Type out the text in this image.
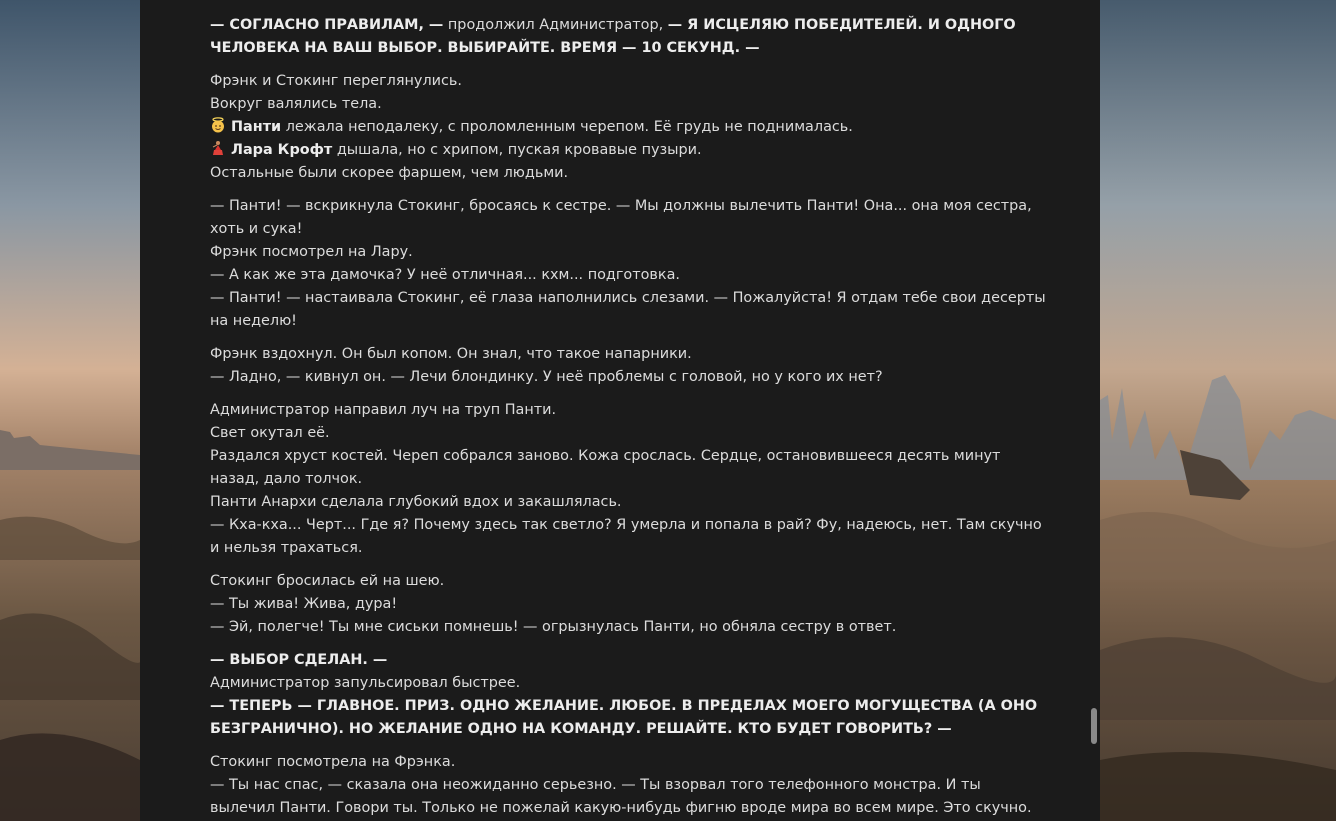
— СОГЛАСНО ПРАВИЛАМ, — продолжил Администратор, — Я ИСЦЕЛЯЮ ПОБЕДИТЕЛЕЙ. И ОДНОГО ЧЕЛОВЕКА НА ВАШ ВЫБОР. ВЫБИРАЙТЕ. ВРЕМЯ — 10 СЕКУНД. —

Фрэнк и Стокинг переглянулись.
Вокруг валялись тела.
Панти лежала неподалеку, с проломленным черепом. Её грудь не поднималась.
Лара Крофт дышала, но с хрипом, пуская кровавые пузыри.
Остальные были скорее фаршем, чем людьми.

— Панти! — вскрикнула Стокинг, бросаясь к сестре. — Мы должны вылечить Панти! Она... она моя сестра, хоть и сука!
Фрэнк посмотрел на Лару.
— А как же эта дамочка? У неё отличная... кхм... подготовка.
— Панти! — настаивала Стокинг, её глаза наполнились слезами. — Пожалуйста! Я отдам тебе свои десерты на неделю!

Фрэнк вздохнул. Он был копом. Он знал, что такое напарники.
— Ладно, — кивнул он. — Лечи блондинку. У неё проблемы с головой, но у кого их нет?

Администратор направил луч на труп Панти.
Свет окутал её.
Раздался хруст костей. Череп собрался заново. Кожа срослась. Сердце, остановившееся десять минут назад, дало толчок.
Панти Анархи сделала глубокий вдох и закашлялась.
— Кха-кха... Черт... Где я? Почему здесь так светло? Я умерла и попала в рай? Фу, надеюсь, нет. Там скучно и нельзя трахаться.

Стокинг бросилась ей на шею.
— Ты жива! Жива, дура!
— Эй, полегче! Ты мне сиськи помнешь! — огрызнулась Панти, но обняла сестру в ответ.

— ВЫБОР СДЕЛАН. —
Администратор запульсировал быстрее.
— ТЕПЕРЬ — ГЛАВНОЕ. ПРИЗ. ОДНО ЖЕЛАНИЕ. ЛЮБОЕ. В ПРЕДЕЛАХ МОЕГО МОГУЩЕСТВА (А ОНО БЕЗГРАНИЧНО). НО ЖЕЛАНИЕ ОДНО НА КОМАНДУ. РЕШАЙТЕ. КТО БУДЕТ ГОВОРИТЬ? —

Стокинг посмотрела на Фрэнка.
— Ты нас спас, — сказала она неожиданно серьезно. — Ты взорвал того телефонного монстра. И ты вылечил Панти. Говори ты. Только не пожелай какую-нибудь фигню вроде мира во всем мире. Это скучно.
